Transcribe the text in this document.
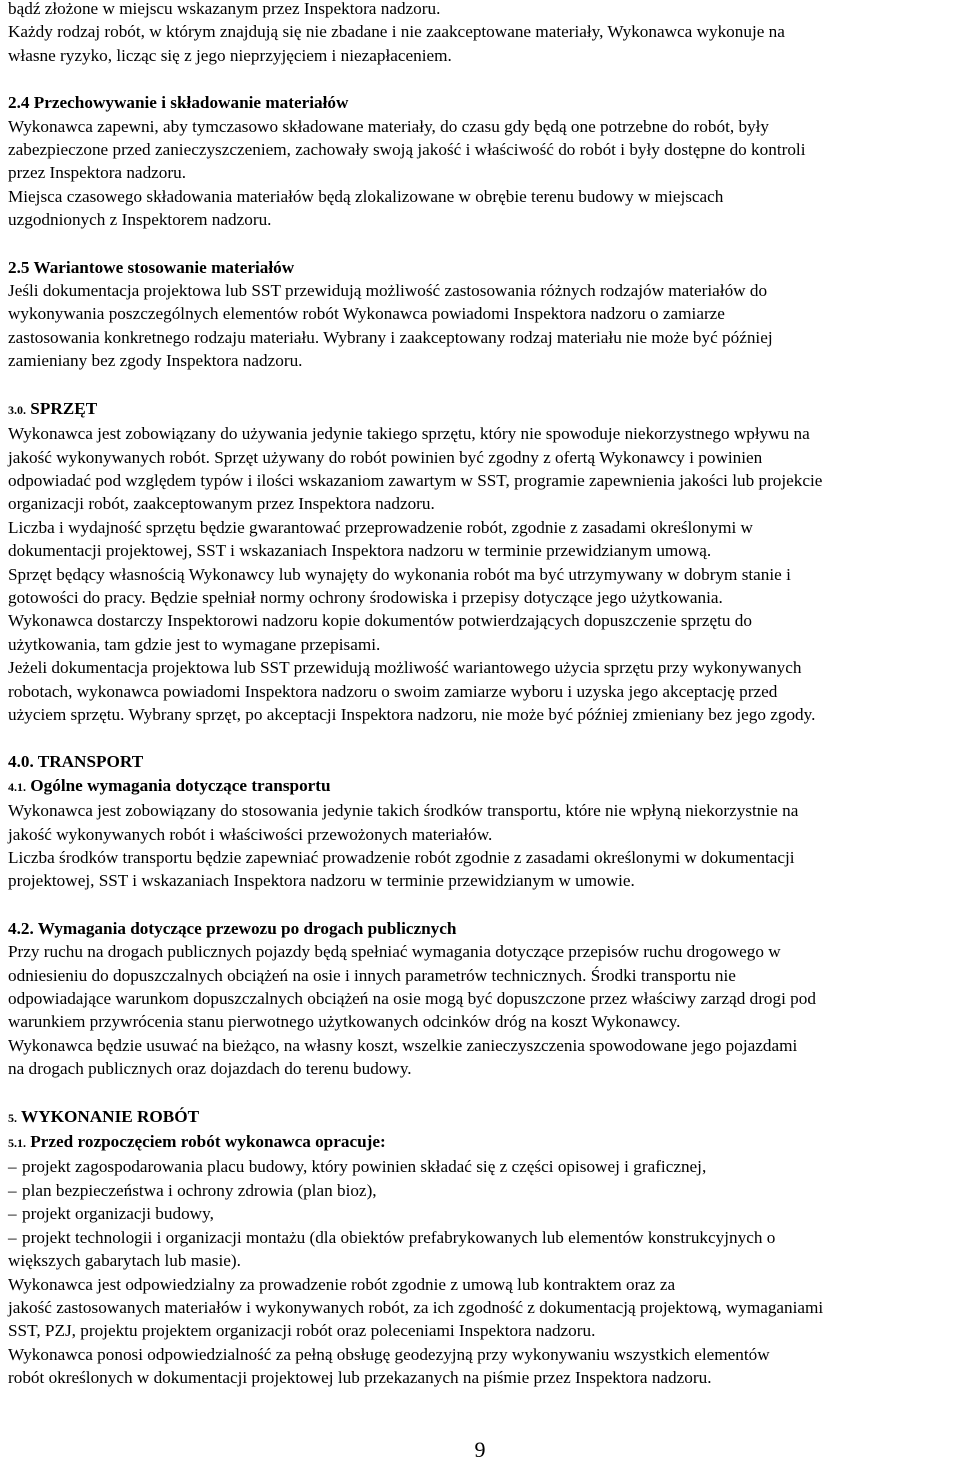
bądź złożone w miejscu wskazanym przez Inspektora nadzoru.
Każdy rodzaj robót, w którym znajdują się nie zbadane i nie zaakceptowane materiały, Wykonawca wykonuje na
własne ryzyko, licząc się z jego nieprzyjęciem i niezapłaceniem.
2.4 Przechowywanie i składowanie materiałów
Wykonawca zapewni, aby tymczasowo składowane materiały, do czasu gdy będą one potrzebne do robót, były
zabezpieczone przed zanieczyszczeniem, zachowały swoją jakość i właściwość do robót i były dostępne do kontroli
przez Inspektora nadzoru.
Miejsca czasowego składowania materiałów będą zlokalizowane w obrębie terenu budowy w miejscach
uzgodnionych z Inspektorem nadzoru.
2.5 Wariantowe stosowanie materiałów
Jeśli dokumentacja projektowa lub SST przewidują możliwość zastosowania różnych rodzajów materiałów do
wykonywania poszczególnych elementów robót Wykonawca powiadomi Inspektora nadzoru o zamiarze
zastosowania konkretnego rodzaju materiału. Wybrany i zaakceptowany rodzaj materiału nie może być później
zamieniany bez zgody Inspektora nadzoru.
3.0. SPRZĘT
Wykonawca jest zobowiązany do używania jedynie takiego sprzętu, który nie spowoduje niekorzystnego wpływu na
jakość wykonywanych robót. Sprzęt używany do robót powinien być zgodny z ofertą Wykonawcy i powinien
odpowiadać pod względem typów i ilości wskazaniom zawartym w SST, programie zapewnienia jakości lub projekcie
organizacji robót, zaakceptowanym przez Inspektora nadzoru.
Liczba i wydajność sprzętu będzie gwarantować przeprowadzenie robót, zgodnie z zasadami określonymi w
dokumentacji projektowej, SST i wskazaniach Inspektora nadzoru w terminie przewidzianym umową.
Sprzęt będący własnością Wykonawcy lub wynajęty do wykonania robót ma być utrzymywany w dobrym stanie i
gotowości do pracy. Będzie spełniał normy ochrony środowiska i przepisy dotyczące jego użytkowania.
Wykonawca dostarczy Inspektorowi nadzoru kopie dokumentów potwierdzających dopuszczenie sprzętu do
użytkowania, tam gdzie jest to wymagane przepisami.
Jeżeli dokumentacja projektowa lub SST przewidują możliwość wariantowego użycia sprzętu przy wykonywanych
robotach, wykonawca powiadomi Inspektora nadzoru o swoim zamiarze wyboru i uzyska jego akceptację przed
użyciem sprzętu. Wybrany sprzęt, po akceptacji Inspektora nadzoru, nie może być później zmieniany bez jego zgody.
4.0. TRANSPORT
4.1. Ogólne wymagania dotyczące transportu
Wykonawca jest zobowiązany do stosowania jedynie takich środków transportu, które nie wpłyną niekorzystnie na
jakość wykonywanych robót i właściwości przewożonych materiałów.
Liczba środków transportu będzie zapewniać prowadzenie robót zgodnie z zasadami określonymi w dokumentacji
projektowej, SST i wskazaniach Inspektora nadzoru w terminie przewidzianym w umowie.
4.2. Wymagania dotyczące przewozu po drogach publicznych
Przy ruchu na drogach publicznych pojazdy będą spełniać wymagania dotyczące przepisów ruchu drogowego w
odniesieniu do dopuszczalnych obciążeń na osie i innych parametrów technicznych. Środki transportu nie
odpowiadające warunkom dopuszczalnych obciążeń na osie mogą być dopuszczone przez właściwy zarząd drogi pod
warunkiem przywrócenia stanu pierwotnego użytkowanych odcinków dróg na koszt Wykonawcy.
Wykonawca będzie usuwać na bieżąco, na własny koszt, wszelkie zanieczyszczenia spowodowane jego pojazdami
na drogach publicznych oraz dojazdach do terenu budowy.
5. WYKONANIE ROBÓT
5.1. Przed rozpoczęciem robót wykonawca opracuje:
– projekt zagospodarowania placu budowy, który powinien składać się z części opisowej i graficznej,
– plan bezpieczeństwa i ochrony zdrowia (plan bioz),
– projekt organizacji budowy,
– projekt technologii i organizacji montażu (dla obiektów prefabrykowanych lub elementów konstrukcyjnych o
większych gabarytach lub masie).
Wykonawca jest odpowiedzialny za prowadzenie robót zgodnie z umową lub kontraktem oraz za
jakość zastosowanych materiałów i wykonywanych robót, za ich zgodność z dokumentacją projektową, wymaganiami
SST, PZJ, projektu projektem organizacji robót oraz poleceniami Inspektora nadzoru.
Wykonawca ponosi odpowiedzialność za pełną obsługę geodezyjną przy wykonywaniu wszystkich elementów
robót określonych w dokumentacji projektowej lub przekazanych na piśmie przez Inspektora nadzoru.
9
